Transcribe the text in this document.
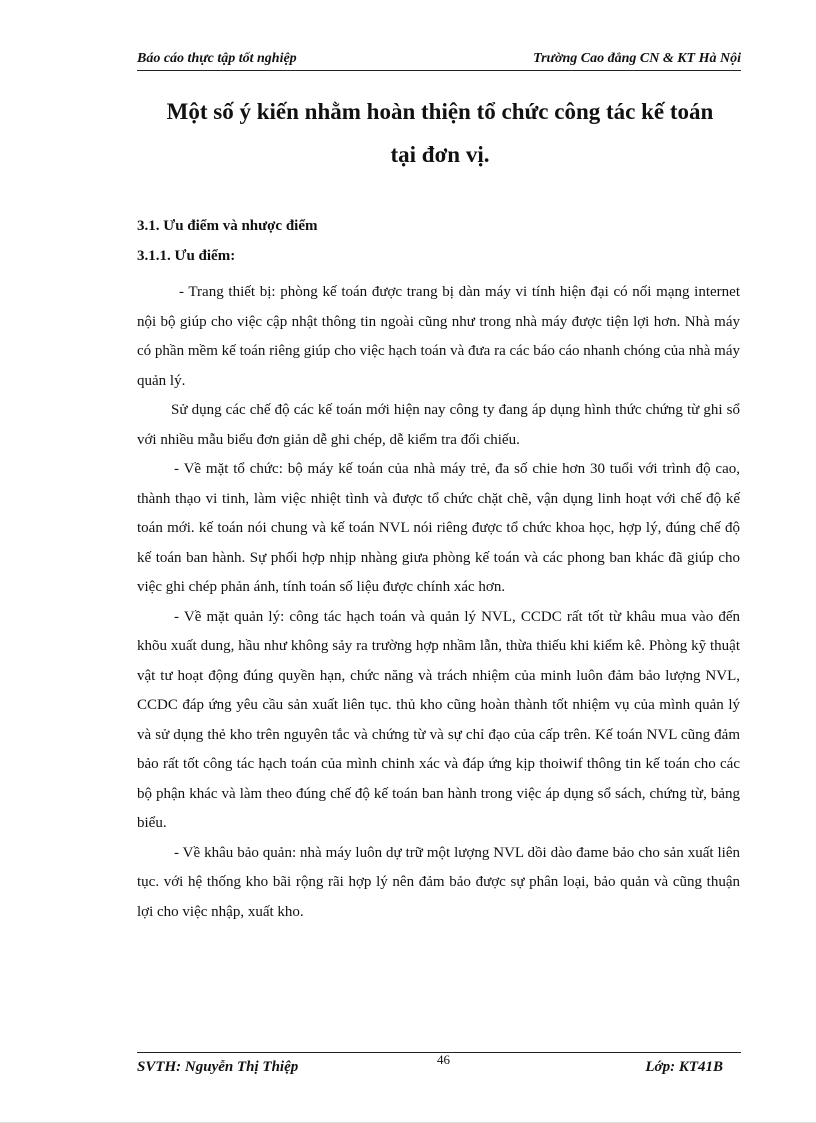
Báo cáo thực tập tốt nghiệp	Trường Cao đẳng CN & KT Hà Nội
Một số ý kiến nhằm hoàn thiện tổ chức công tác kế toán
tại đơn vị.
3.1. Ưu điểm và nhược điểm
3.1.1. Ưu điểm:

- Trang thiết bị: phòng kế toán được trang bị dàn máy vi tính hiện đại có nối mạng internet nội bộ giúp cho việc cập nhật thông tin ngoài cũng như trong nhà máy được tiện lợi hơn. Nhà máy có phần mềm kế toán riêng giúp cho việc hạch toán và đưa ra các báo cáo nhanh chóng của nhà máy quản lý.

Sử dụng các chế độ các kế toán mới hiện nay công ty đang áp dụng hình thức chứng từ ghi sổ với nhiều mẫu biểu đơn giản dễ ghi chép, dễ kiểm tra đối chiếu.

- Về mặt tổ chức: bộ máy kế toán của nhà máy trẻ, đa số chie hơn 30 tuổi với trình độ cao, thành thạo vi tinh, làm việc nhiệt tình và được tổ chức chặt chẽ, vận dụng linh hoạt với chế độ kế toán mới. kế toán nói chung và kế toán NVL nói riêng được tổ chức khoa học, hợp lý, đúng chế độ kế toán ban hành. Sự phối hợp nhịp nhàng giưa phòng kế toán và các phong ban khác đã giúp cho việc ghi chép phản ánh, tính toán số liệu được chính xác hơn.

- Về mặt quản lý: công tác hạch toán và quản lý NVL, CCDC rất tốt từ khâu mua vào đến khõu xuất dung, hầu như không sảy ra trường hợp nhầm lẫn, thừa thiếu khi kiểm kê. Phòng kỹ thuật vật tư hoạt động đúng quyền hạn, chức năng và trách nhiệm của minh luôn đảm bảo lượng NVL, CCDC đáp ứng yêu cầu sản xuất liên tục. thủ kho cũng hoàn thành tốt nhiệm vụ của mình quản lý và sử dụng thẻ kho trên nguyên tắc và chứng từ và sự chỉ đạo của cấp trên. Kế toán NVL cũng đảm bảo rất tốt công tác hạch toán của mình chinh xác và đáp ứng kịp thoiwif thông tin kế toán cho các bộ phận khác và làm theo đúng chế độ kế toán ban hành trong việc áp dụng sổ sách, chứng từ, bảng biểu.

- Về khâu bảo quản: nhà máy luôn dự trữ một lượng NVL dồi dào đame bảo cho sản xuất liên tục. với hệ thống kho bãi rộng rãi hợp lý nên đảm bảo được sự phân loại, bảo quản và cũng thuận lợi cho việc nhập, xuất kho.

SVTH: Nguyễn Thị Thiệp	46	Lớp: KT41B
